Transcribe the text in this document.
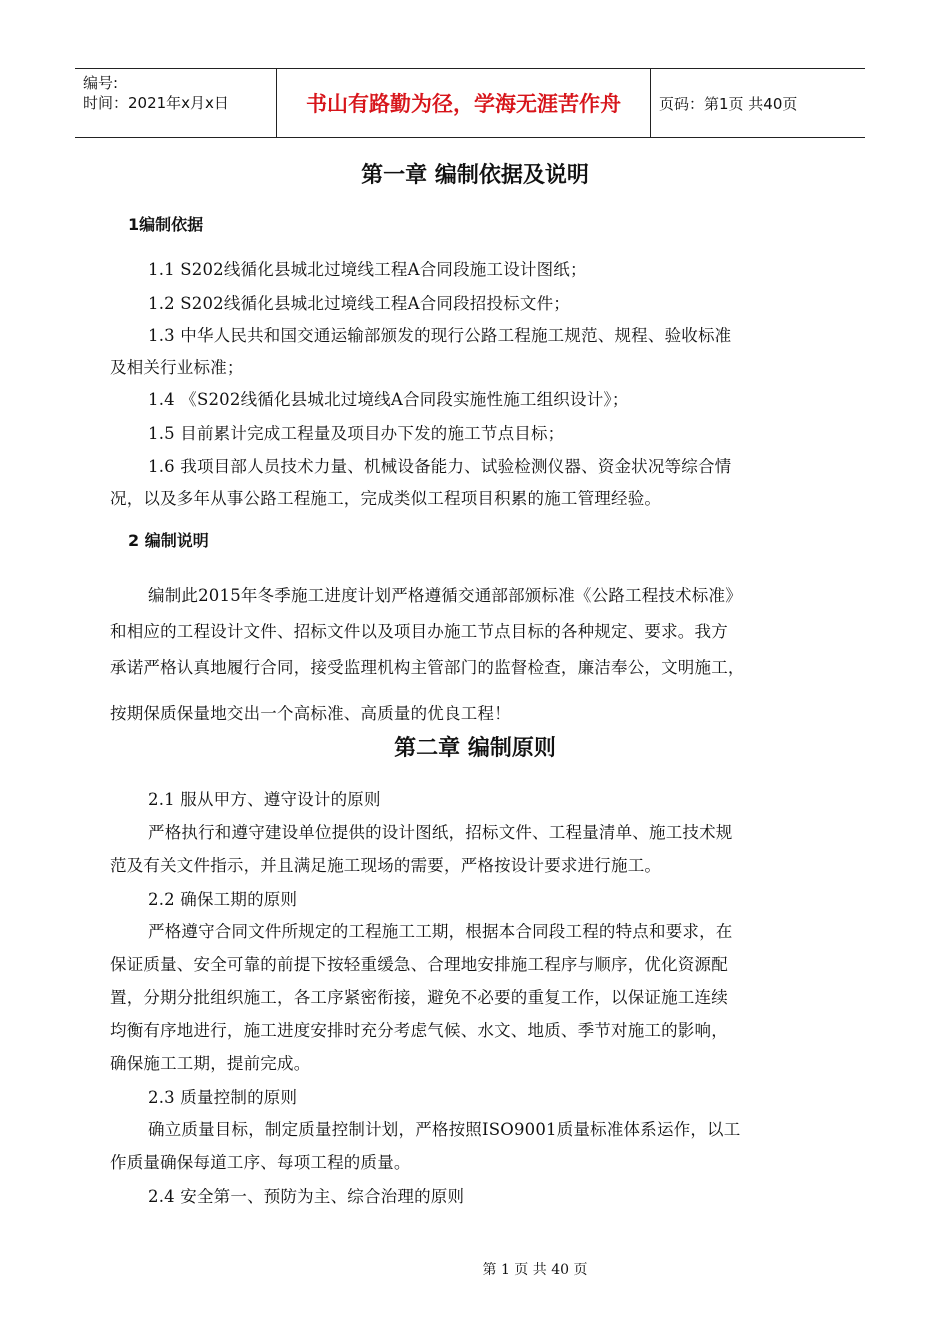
编号:
时间：2021年x月x日	书山有路勤为径，学海无涯苦作舟	页码：第1页 共40页
第一章 编制依据及说明
1编制依据
1.1 S202线循化县城北过境线工程A合同段施工设计图纸；
1.2 S202线循化县城北过境线工程A合同段招投标文件；
1.3 中华人民共和国交通运输部颁发的现行公路工程施工规范、规程、验收标准
及相关行业标准；
1.4 《S202线循化县城北过境线A合同段实施性施工组织设计》；
1.5 目前累计完成工程量及项目办下发的施工节点目标；
1.6 我项目部人员技术力量、机械设备能力、试验检测仪器、资金状况等综合情
况，以及多年从事公路工程施工，完成类似工程项目积累的施工管理经验。
2 编制说明
编制此2015年冬季施工进度计划严格遵循交通部部颁标准《公路工程技术标准》
和相应的工程设计文件、招标文件以及项目办施工节点目标的各种规定、要求。我方
承诺严格认真地履行合同，接受监理机构主管部门的监督检查，廉洁奉公，文明施工，
按期保质保量地交出一个高标准、高质量的优良工程！
第二章 编制原则
2.1 服从甲方、遵守设计的原则
严格执行和遵守建设单位提供的设计图纸，招标文件、工程量清单、施工技术规
范及有关文件指示，并且满足施工现场的需要，严格按设计要求进行施工。
2.2 确保工期的原则
严格遵守合同文件所规定的工程施工工期，根据本合同段工程的特点和要求，在
保证质量、安全可靠的前提下按轻重缓急、合理地安排施工程序与顺序，优化资源配
置，分期分批组织施工，各工序紧密衔接，避免不必要的重复工作，以保证施工连续
均衡有序地进行，施工进度安排时充分考虑气候、水文、地质、季节对施工的影响，
确保施工工期，提前完成。
2.3 质量控制的原则
确立质量目标，制定质量控制计划，严格按照ISO9001质量标准体系运作，以工
作质量确保每道工序、每项工程的质量。
2.4 安全第一、预防为主、综合治理的原则
第 1 页 共 40 页
